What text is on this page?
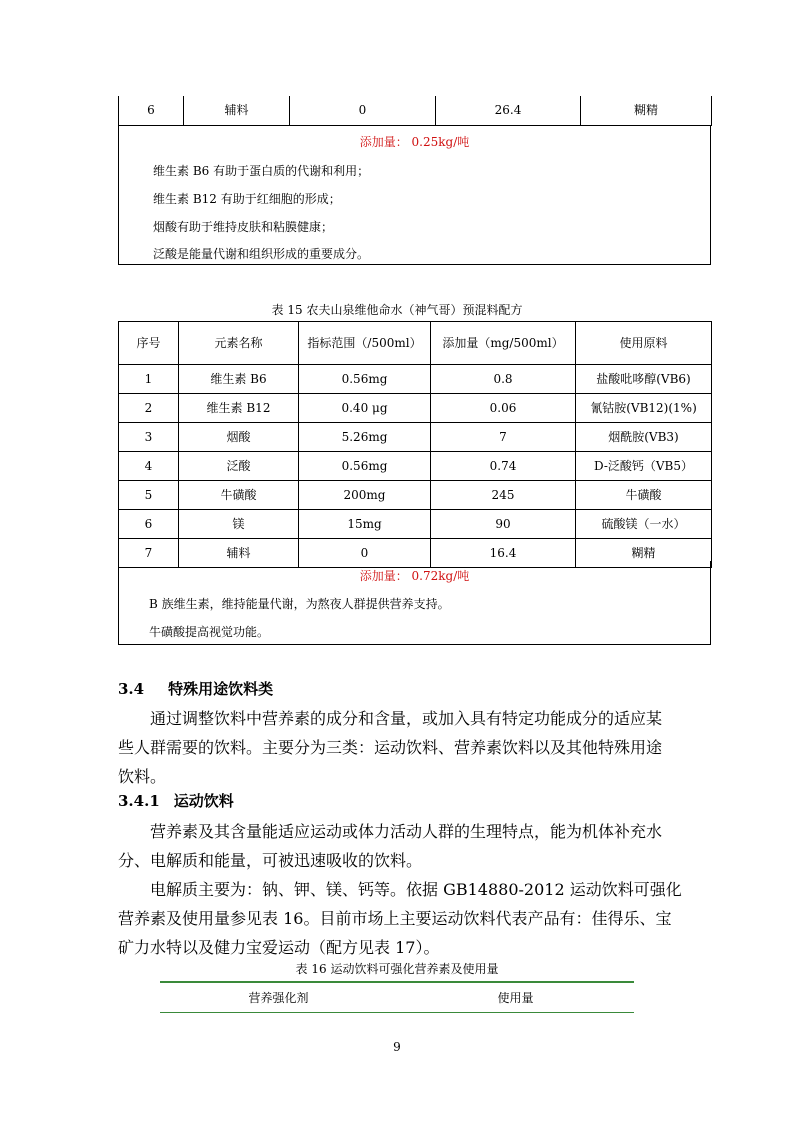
6	辅料	0	26.4	糊精
添加量： 0.25kg/吨
维生素 B6 有助于蛋白质的代谢和利用；
维生素 B12 有助于红细胞的形成；
烟酸有助于维持皮肤和粘膜健康；
泛酸是能量代谢和组织形成的重要成分。
表 15 农夫山泉维他命水（神气哥）预混料配方
序号	元素名称	指标范围（/500ml）	添加量（mg/500ml）	使用原料
1	维生素 B6	0.56mg	0.8	盐酸吡哆醇(VB6)
2	维生素 B12	0.40 μg	0.06	氰钴胺(VB12)(1%)
3	烟酸	5.26mg	7	烟酰胺(VB3)
4	泛酸	0.56mg	0.74	D-泛酸钙（VB5）
5	牛磺酸	200mg	245	牛磺酸
6	镁	15mg	90	硫酸镁（一水）
7	辅料	0	16.4	糊精
添加量： 0.72kg/吨
B 族维生素，维持能量代谢，为熬夜人群提供营养支持。
牛磺酸提高视觉功能。
3.4 特殊用途饮料类
通过调整饮料中营养素的成分和含量，或加入具有特定功能成分的适应某
些人群需要的饮料。主要分为三类：运动饮料、营养素饮料以及其他特殊用途
饮料。
3.4.1 运动饮料
营养素及其含量能适应运动或体力活动人群的生理特点，能为机体补充水
分、电解质和能量，可被迅速吸收的饮料。
电解质主要为：钠、钾、镁、钙等。依据 GB14880-2012 运动饮料可强化
营养素及使用量参见表 16。目前市场上主要运动饮料代表产品有：佳得乐、宝
矿力水特以及健力宝爱运动（配方见表 17）。
表 16 运动饮料可强化营养素及使用量
营养强化剂	使用量
9
